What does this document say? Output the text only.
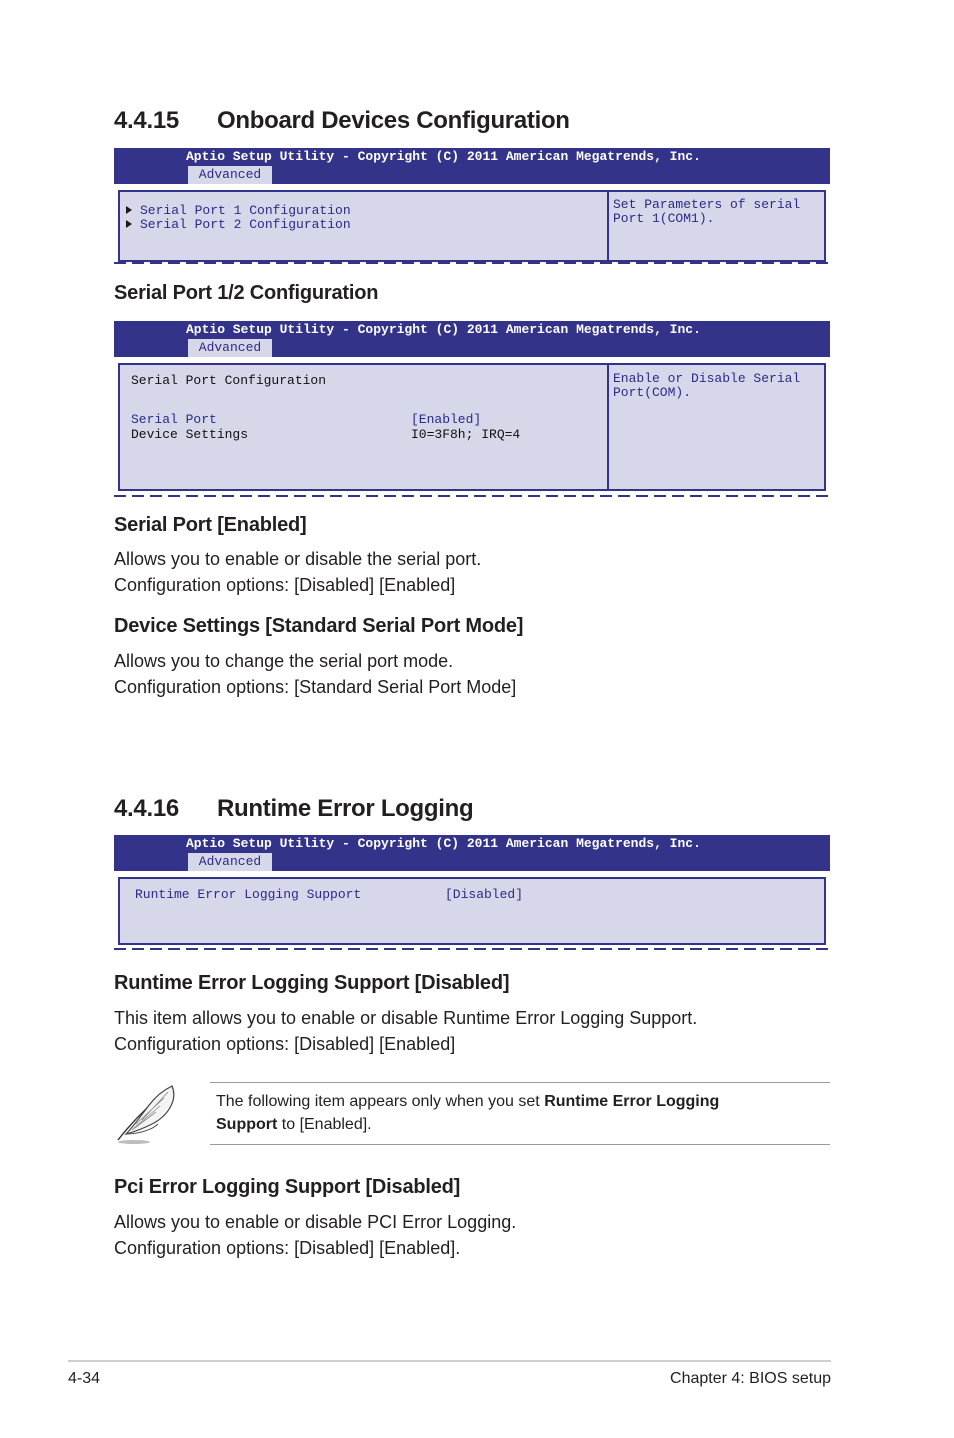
4.4.15 Onboard Devices Configuration
Aptio Setup Utility - Copyright (C) 2011 American Megatrends, Inc.
Advanced
Serial Port 1 Configuration
Serial Port 2 Configuration
Set Parameters of serial
Port 1(COM1).
Serial Port 1/2 Configuration
Aptio Setup Utility - Copyright (C) 2011 American Megatrends, Inc.
Advanced
Serial Port Configuration
Serial Port	[Enabled]
Device Settings	I0=3F8h; IRQ=4
Enable or Disable Serial
Port(COM).
Serial Port [Enabled]
Allows you to enable or disable the serial port.
Configuration options: [Disabled] [Enabled]
Device Settings [Standard Serial Port Mode]
Allows you to change the serial port mode.
Configuration options: [Standard Serial Port Mode]
4.4.16 Runtime Error Logging
Aptio Setup Utility - Copyright (C) 2011 American Megatrends, Inc.
Advanced
Runtime Error Logging Support	[Disabled]
Runtime Error Logging Support [Disabled]
This item allows you to enable or disable Runtime Error Logging Support.
Configuration options: [Disabled] [Enabled]
The following item appears only when you set Runtime Error Logging
Support to [Enabled].
Pci Error Logging Support [Disabled]
Allows you to enable or disable PCI Error Logging.
Configuration options: [Disabled] [Enabled].
4-34	Chapter 4: BIOS setup
